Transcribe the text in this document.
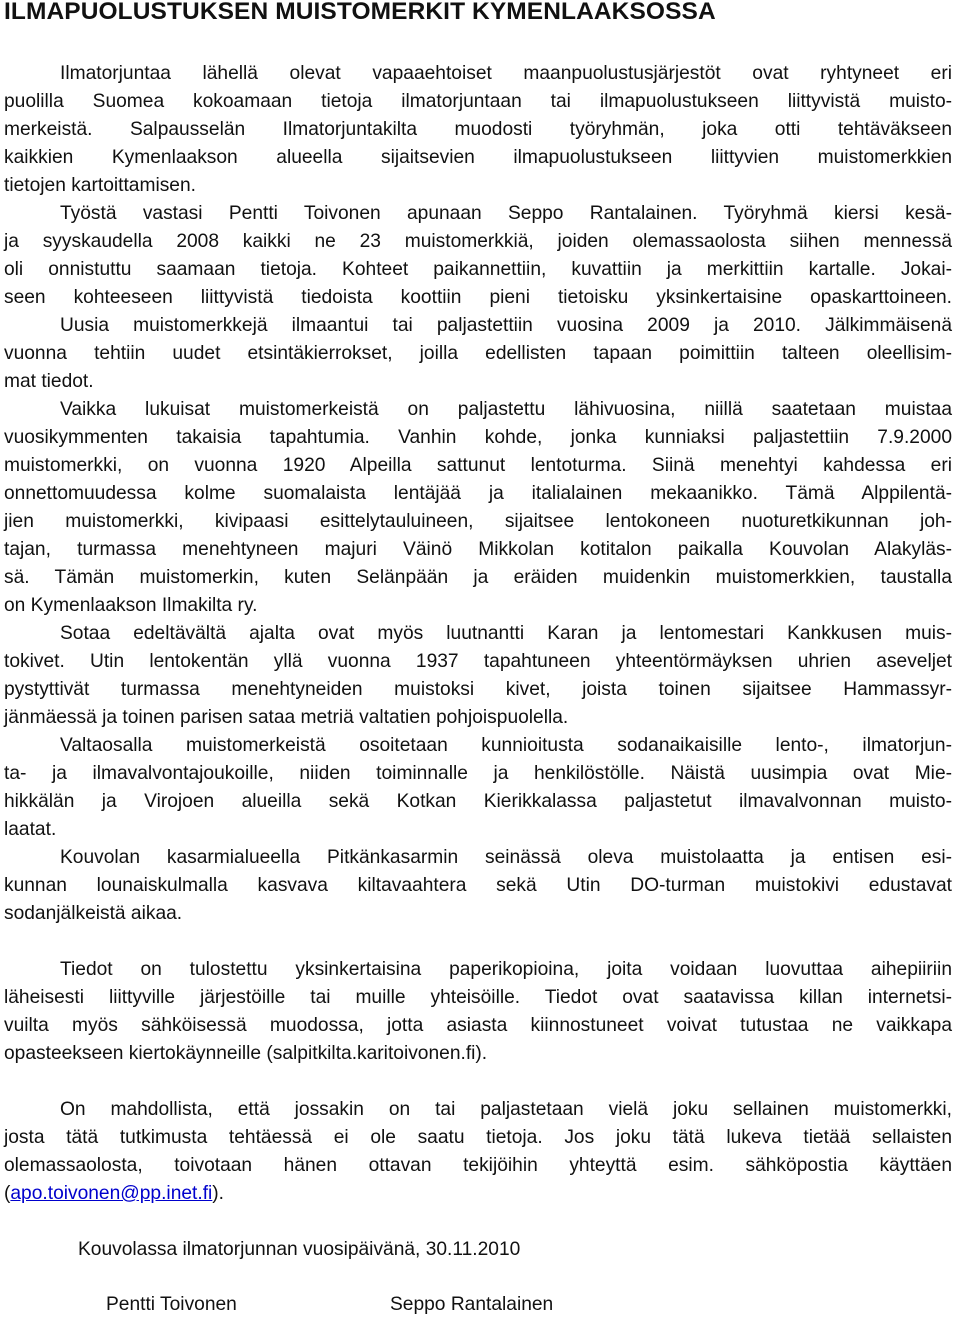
ILMAPUOLUSTUKSEN MUISTOMERKIT KYMENLAAKSOSSA
Ilmatorjuntaa lähellä olevat vapaaehtoiset maanpuolustusjärjestöt ovat ryhtyneet eri
puolilla Suomea kokoamaan tietoja ilmatorjuntaan tai ilmapuolustukseen liittyvistä muisto-
merkeistä. Salpausselän Ilmatorjuntakilta muodosti työryhmän, joka otti tehtäväkseen
kaikkien Kymenlaakson alueella sijaitsevien ilmapuolustukseen liittyvien muistomerkkien
tietojen kartoittamisen.
Työstä vastasi Pentti Toivonen apunaan Seppo Rantalainen. Työryhmä kiersi kesä-
ja syyskaudella 2008 kaikki ne 23 muistomerkkiä, joiden olemassaolosta siihen mennessä
oli onnistuttu saamaan tietoja. Kohteet paikannettiin, kuvattiin ja merkittiin kartalle. Jokai-
seen kohteeseen liittyvistä tiedoista koottiin pieni tietoisku yksinkertaisine opaskarttoineen.
Uusia muistomerkkejä ilmaantui tai paljastettiin vuosina 2009 ja 2010. Jälkimmäisenä
vuonna tehtiin uudet etsintäkierrokset, joilla edellisten tapaan poimittiin talteen oleellisim-
mat tiedot.
Vaikka lukuisat muistomerkeistä on paljastettu lähivuosina, niillä saatetaan muistaa
vuosikymmenten takaisia tapahtumia. Vanhin kohde, jonka kunniaksi paljastettiin 7.9.2000
muistomerkki, on vuonna 1920 Alpeilla sattunut lentoturma. Siinä menehtyi kahdessa eri
onnettomuudessa kolme suomalaista lentäjää ja italialainen mekaanikko. Tämä Alppilentä-
jien muistomerkki, kivipaasi esittelytauluineen, sijaitsee lentokoneen nuoturetkikunnan joh-
tajan, turmassa menehtyneen majuri Väinö Mikkolan kotitalon paikalla Kouvolan Alakyläs-
sä. Tämän muistomerkin, kuten Selänpään ja eräiden muidenkin muistomerkkien, taustalla
on Kymenlaakson Ilmakilta ry.
Sotaa edeltävältä ajalta ovat myös luutnantti Karan ja lentomestari Kankkusen muis-
tokivet. Utin lentokentän yllä vuonna 1937 tapahtuneen yhteentörmäyksen uhrien aseveljet
pystyttivät turmassa menehtyneiden muistoksi kivet, joista toinen sijaitsee Hammassyr-
jänmäessä ja toinen parisen sataa metriä valtatien pohjoispuolella.
Valtaosalla muistomerkeistä osoitetaan kunnioitusta sodanaikaisille lento-, ilmatorjun-
ta- ja ilmavalvontajoukoille, niiden toiminnalle ja henkilöstölle. Näistä uusimpia ovat Mie-
hikkälän ja Virojoen alueilla sekä Kotkan Kierikkalassa paljastetut ilmavalvonnan muisto-
laatat.
Kouvolan kasarmialueella Pitkänkasarmin seinässä oleva muistolaatta ja entisen esi-
kunnan lounaiskulmalla kasvava kiltavaahtera sekä Utin DO-turman muistokivi edustavat
sodanjälkeistä aikaa.
Tiedot on tulostettu yksinkertaisina paperikopioina, joita voidaan luovuttaa aihepiiriin
läheisesti liittyville järjestöille tai muille yhteisöille. Tiedot ovat saatavissa killan internetsi-
vuilta myös sähköisessä muodossa, jotta asiasta kiinnostuneet voivat tutustaa ne vaikkapa
opasteekseen kiertokäynneille (salpitkilta.karitoivonen.fi).
On mahdollista, että jossakin on tai paljastetaan vielä joku sellainen muistomerkki,
josta tätä tutkimusta tehtäessä ei ole saatu tietoja. Jos joku tätä lukeva tietää sellaisten
olemassaolosta, toivotaan hänen ottavan tekijöihin yhteyttä esim. sähköpostia käyttäen
(apo.toivonen@pp.inet.fi).
Kouvolassa ilmatorjunnan vuosipäivänä, 30.11.2010
Pentti Toivonen	Seppo Rantalainen
